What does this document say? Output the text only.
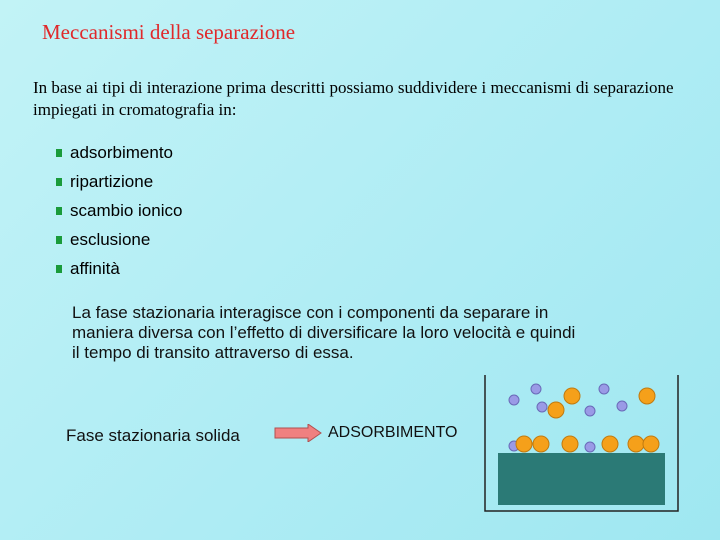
Meccanismi della separazione
In base ai tipi di interazione prima descritti possiamo suddividere i meccanismi di separazione impiegati in cromatografia in:
adsorbimento
ripartizione
scambio ionico
esclusione
affinità
La fase stazionaria interagisce con i componenti da separare in
maniera diversa con l’effetto di diversificare la loro velocità e quindi
il tempo di transito attraverso di essa.
Fase stazionaria solida	ADSORBIMENTO
